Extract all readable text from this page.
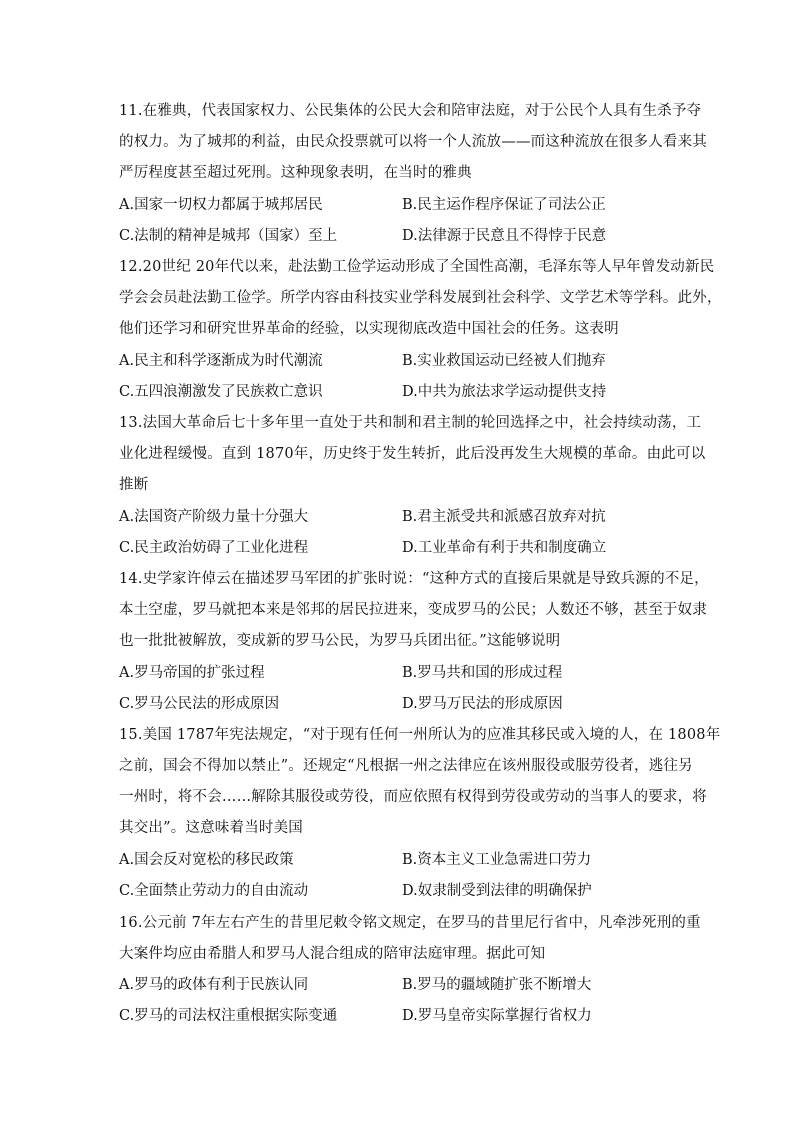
11.在雅典，代表国家权力、公民集体的公民大会和陪审法庭，对于公民个人具有生杀予夺
的权力。为了城邦的利益，由民众投票就可以将一个人流放——而这种流放在很多人看来其
严厉程度甚至超过死刑。这种现象表明，在当时的雅典
A.国家一切权力都属于城邦居民	B.民主运作程序保证了司法公正
C.法制的精神是城邦（国家）至上	D.法律源于民意且不得悖于民意
12.20世纪 20年代以来，赴法勤工俭学运动形成了全国性高潮，毛泽东等人早年曾发动新民
学会会员赴法勤工俭学。所学内容由科技实业学科发展到社会科学、文学艺术等学科。此外，
他们还学习和研究世界革命的经验，以实现彻底改造中国社会的任务。这表明
A.民主和科学逐渐成为时代潮流	B.实业救国运动已经被人们抛弃
C.五四浪潮激发了民族救亡意识	D.中共为旅法求学运动提供支持
13.法国大革命后七十多年里一直处于共和制和君主制的轮回选择之中，社会持续动荡，工
业化进程缓慢。直到 1870年，历史终于发生转折，此后没再发生大规模的革命。由此可以
推断
A.法国资产阶级力量十分强大	B.君主派受共和派感召放弃对抗
C.民主政治妨碍了工业化进程	D.工业革命有利于共和制度确立
14.史学家许倬云在描述罗马军团的扩张时说：“这种方式的直接后果就是导致兵源的不足，
本土空虚，罗马就把本来是邻邦的居民拉进来，变成罗马的公民；人数还不够，甚至于奴隶
也一批批被解放，变成新的罗马公民，为罗马兵团出征。”这能够说明
A.罗马帝国的扩张过程	B.罗马共和国的形成过程
C.罗马公民法的形成原因	D.罗马万民法的形成原因
15.美国 1787年宪法规定，“对于现有任何一州所认为的应准其移民或入境的人，在 1808年
之前，国会不得加以禁止”。还规定“凡根据一州之法律应在该州服役或服劳役者，逃往另
一州时，将不会……解除其服役或劳役，而应依照有权得到劳役或劳动的当事人的要求，将
其交出”。这意味着当时美国
A.国会反对宽松的移民政策	B.资本主义工业急需进口劳力
C.全面禁止劳动力的自由流动	D.奴隶制受到法律的明确保护
16.公元前 7年左右产生的昔里尼敕令铭文规定，在罗马的昔里尼行省中，凡牵涉死刑的重
大案件均应由希腊人和罗马人混合组成的陪审法庭审理。据此可知
A.罗马的政体有利于民族认同	B.罗马的疆域随扩张不断增大
C.罗马的司法权注重根据实际变通	D.罗马皇帝实际掌握行省权力
